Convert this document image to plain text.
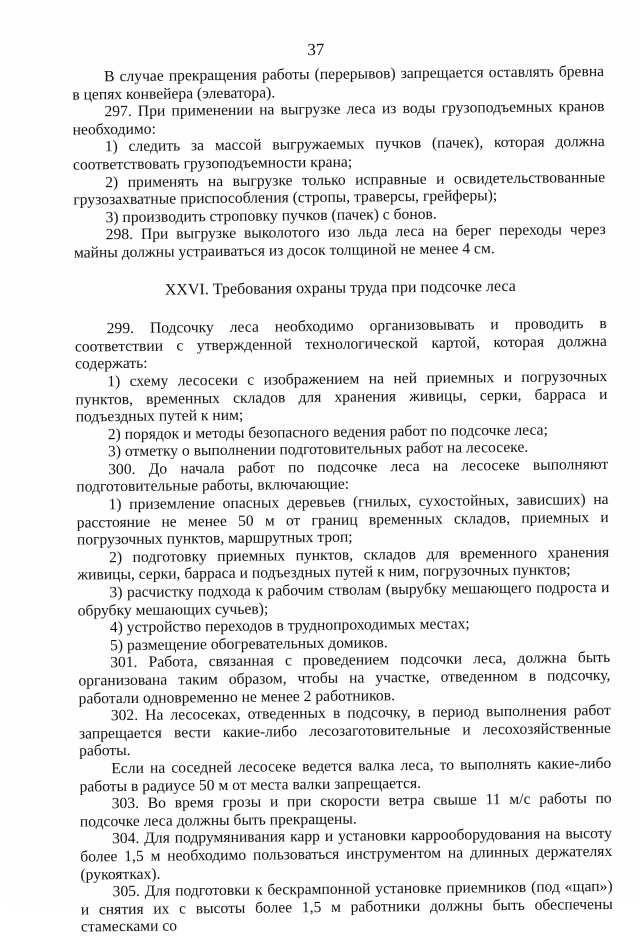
37

В случае прекращения работы (перерывов) запрещается оставлять бревна в цепях конвейера (элеватора).

297. При применении на выгрузке леса из воды грузоподъемных кранов необходимо:

1) следить за массой выгружаемых пучков (пачек), которая должна соответствовать грузоподъемности крана;

2) применять на выгрузке только исправные и освидетельствованные грузозахватные приспособления (стропы, траверсы, грейферы);

3) производить строповку пучков (пачек) с бонов.

298. При выгрузке выколотого изо льда леса на берег переходы через майны должны устраиваться из досок толщиной не менее 4 см.

XXVI. Требования охраны труда при подсочке леса

299. Подсочку леса необходимо организовывать и проводить в соответствии с утвержденной технологической картой, которая должна содержать:

1) схему лесосеки с изображением на ней приемных и погрузочных пунктов, временных складов для хранения живицы, серки, барраса и подъездных путей к ним;

2) порядок и методы безопасного ведения работ по подсочке леса;

3) отметку о выполнении подготовительных работ на лесосеке.

300. До начала работ по подсочке леса на лесосеке выполняют подготовительные работы, включающие:

1) приземление опасных деревьев (гнилых, сухостойных, зависших) на расстояние не менее 50 м от границ временных складов, приемных и погрузочных пунктов, маршрутных троп;

2) подготовку приемных пунктов, складов для временного хранения живицы, серки, барраса и подъездных путей к ним, погрузочных пунктов;

3) расчистку подхода к рабочим стволам (вырубку мешающего подроста и обрубку мешающих сучьев);

4) устройство переходов в труднопроходимых местах;

5) размещение обогревательных домиков.

301. Работа, связанная с проведением подсочки леса, должна быть организована таким образом, чтобы на участке, отведенном в подсочку, работали одновременно не менее 2 работников.

302. На лесосеках, отведенных в подсочку, в период выполнения работ запрещается вести какие-либо лесозаготовительные и лесохозяйственные работы.

Если на соседней лесосеке ведется валка леса, то выполнять какие-либо работы в радиусе 50 м от места валки запрещается.

303. Во время грозы и при скорости ветра свыше 11 м/с работы по подсочке леса должны быть прекращены.

304. Для подрумянивания карр и установки каррооборудования на высоту более 1,5 м необходимо пользоваться инструментом на длинных держателях (рукоятках).

305. Для подготовки к бескрампонной установке приемников (под «щап») и снятия их с высоты более 1,5 м работники должны быть обеспечены стамесками со
